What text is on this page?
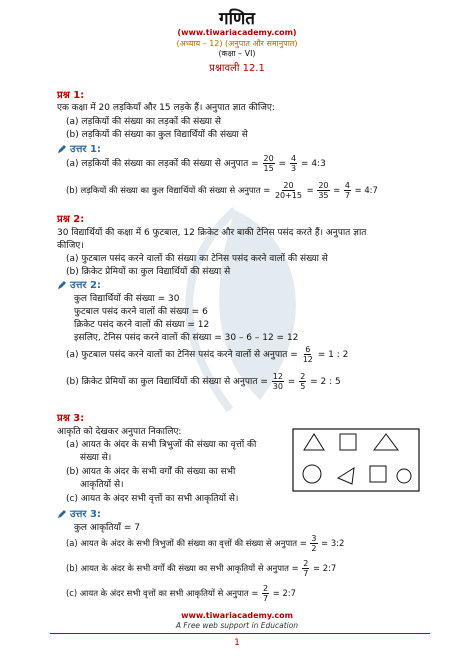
गणित
(www.tiwariacademy.com)
(अध्याय – 12) (अनुपात और समानुपात)
(कक्षा – VI)
प्रश्नावली 12.1
प्रश्न 1:
एक कक्षा में 20 लड़कियाँ और 15 लड़के हैं। अनुपात ज्ञात कीजिए:
(a) लड़कियों की संख्या का लड़कों की संख्या से
(b) लड़कियों की संख्या का कुल विद्यार्थियों की संख्या से
उत्तर 1:
(a) लड़कियों की संख्या का लड़कों की संख्या से अनुपात = $\frac{20}{15} = \frac{4}{3}$ = 4:3
(b) लड़कियों की संख्या का कुल विद्यार्थियों की संख्या से अनुपात = $\frac{20}{20+15} = \frac{20}{35} = \frac{4}{7}$ = 4:7
प्रश्न 2:
30 विद्यार्थियों की कक्षा में 6 फुटबाल, 12 क्रिकेट और बाकी टेनिस पसंद करते हैं। अनुपात ज्ञात
कीजिए।
(a) फुटबाल पसंद करने वालों की संख्या का टेनिस पसंद करने वालों की संख्या से
(b) क्रिकेट प्रेमियों का कुल विद्यार्थियों की संख्या से
उत्तर 2:
कुल विद्यार्थियों की संख्या = 30
फुटबाल पसंद करने वालों की संख्या = 6
क्रिकेट पसंद करने वालों की संख्या = 12
इसलिए, टेनिस पसंद करने वालों की संख्या = 30 – 6 – 12 = 12
(a) फुटबाल पसंद करने वालों का टेनिस पसंद करने वालों से अनुपात = $\frac{6}{12} = 1$ : 2
(b) क्रिकेट प्रेमियों का कुल विद्यार्थियों की संख्या से अनुपात = $\frac{12}{30} = \frac{2}{5} = 2$ : 5
प्रश्न 3:
आकृति को देखकर अनुपात निकालिए:
(a) आयत के अंदर के सभी त्रिभुजों की संख्या का वृत्तों की
संख्या से।
(b) आयत के अंदर के सभी वर्गों की संख्या का सभी
आकृतियों से।
(c) आयत के अंदर सभी वृत्तों का सभी आकृतियों से।
उत्तर 3:
कुल आकृतियाँ = 7
(a) आयत के अंदर के सभी त्रिभुजों की संख्या का वृत्तों की संख्या से अनुपात = $\frac{3}{2}$ = 3:2
(b) आयत के अंदर के सभी वर्गों की संख्या का सभी आकृतियों से अनुपात = $\frac{2}{7}$ = 2:7
(c) आयत के अंदर सभी वृत्तों का सभी आकृतियों से अनुपात = $\frac{2}{7}$ = 2:7
www.tiwariacademy.com
A Free web support in Education
1
